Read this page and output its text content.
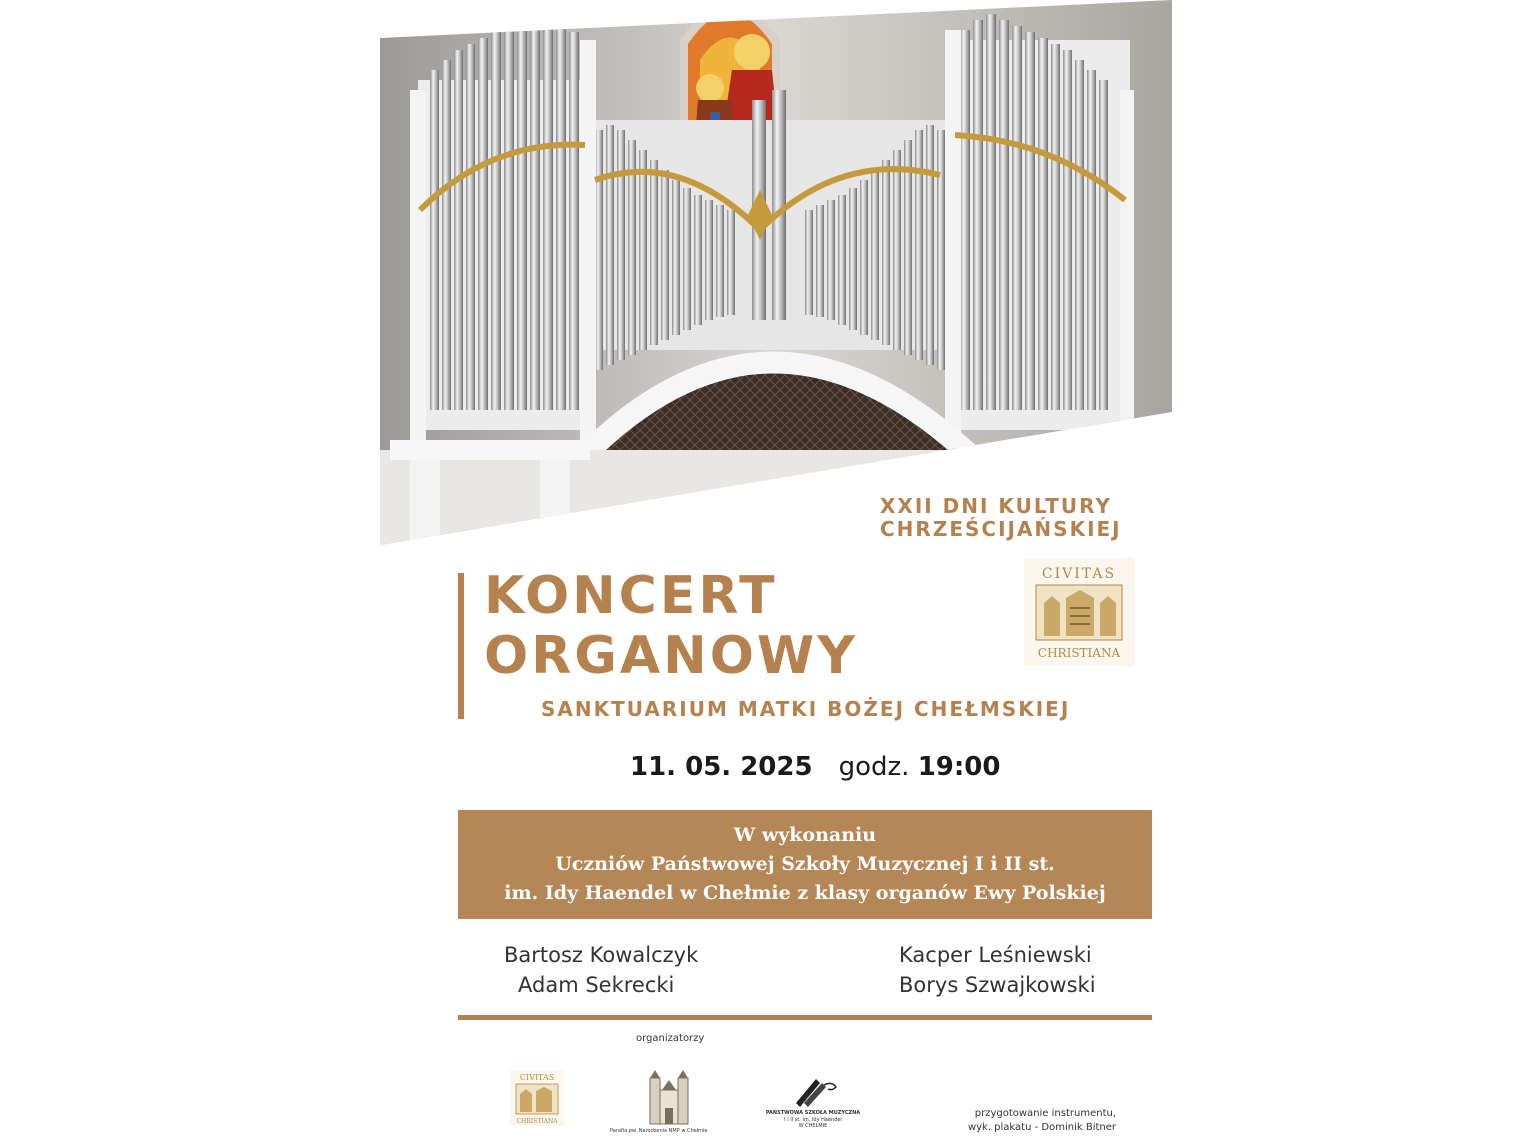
XXII DNI KULTURY
CHRZEŚCIJAŃSKIEJ
KONCERT
ORGANOWY
CIVITAS
CHRISTIANA
SANKTUARIUM MATKI BOŻEJ CHEŁMSKIEJ
11. 05. 2025 godz. 19:00
W wykonaniu
Uczniów Państwowej Szkoły Muzycznej I i II st.
im. Idy Haendel w Chełmie z klasy organów Ewy Polskiej
Bartosz Kowalczyk
Adam Sekrecki
Kacper Leśniewski
Borys Szwajkowski
organizatorzy
CIVITAS
CHRISTIANA
Parafia pw. Narodzenia NMP w Chełmie
PAŃSTWOWA SZKOŁA MUZYCZNA
I i II st. im. Idy Haendel
W CHEŁMIE
przygotowanie instrumentu,
wyk. plakatu - Dominik Bitner
